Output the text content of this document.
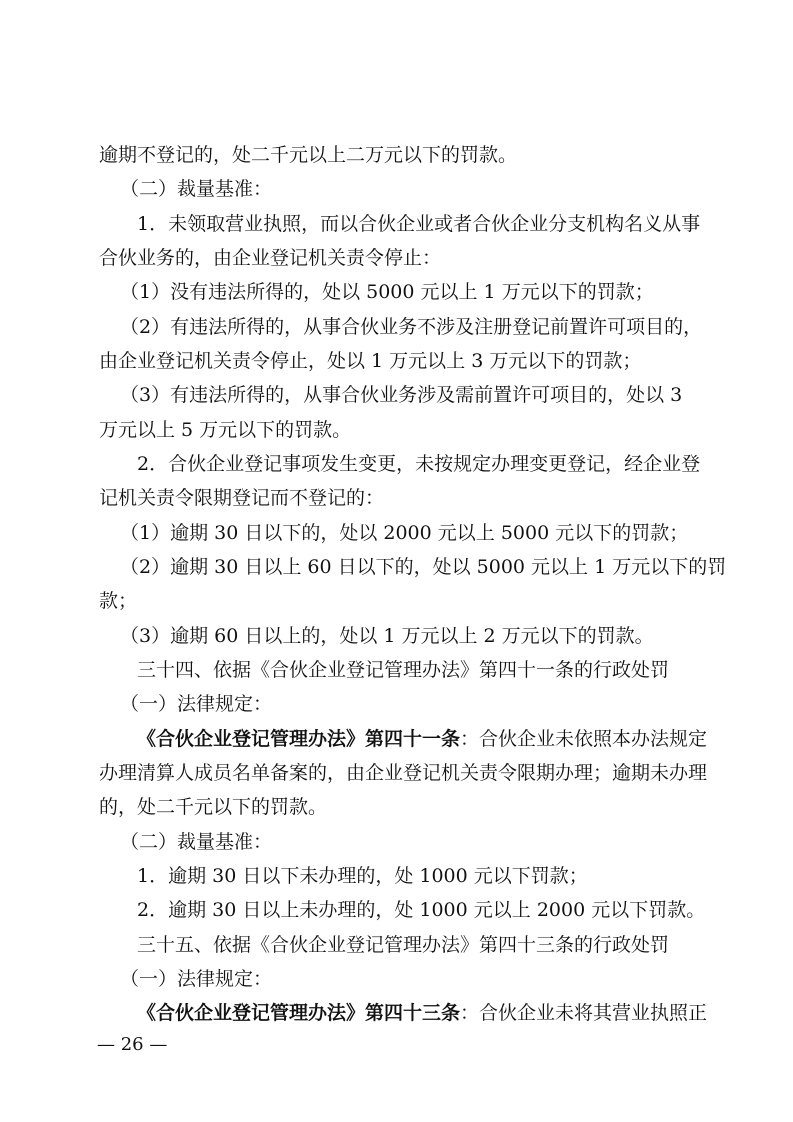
逾期不登记的，处二千元以上二万元以下的罚款。
（二）裁量基准：
1．未领取营业执照，而以合伙企业或者合伙企业分支机构名义从事
合伙业务的，由企业登记机关责令停止：
（1）没有违法所得的，处以 5000 元以上 1 万元以下的罚款；
（2）有违法所得的，从事合伙业务不涉及注册登记前置许可项目的，
由企业登记机关责令停止，处以 1 万元以上 3 万元以下的罚款；
（3）有违法所得的，从事合伙业务涉及需前置许可项目的，处以 3
万元以上 5 万元以下的罚款。
2．合伙企业登记事项发生变更，未按规定办理变更登记，经企业登
记机关责令限期登记而不登记的：
（1）逾期 30 日以下的，处以 2000 元以上 5000 元以下的罚款；
（2）逾期 30 日以上 60 日以下的，处以 5000 元以上 1 万元以下的罚
款；
（3）逾期 60 日以上的，处以 1 万元以上 2 万元以下的罚款。
三十四、依据《合伙企业登记管理办法》第四十一条的行政处罚
（一）法律规定：
《合伙企业登记管理办法》第四十一条：合伙企业未依照本办法规定
办理清算人成员名单备案的，由企业登记机关责令限期办理；逾期未办理
的，处二千元以下的罚款。
（二）裁量基准：
1．逾期 30 日以下未办理的，处 1000 元以下罚款；
2．逾期 30 日以上未办理的，处 1000 元以上 2000 元以下罚款。
三十五、依据《合伙企业登记管理办法》第四十三条的行政处罚
（一）法律规定：
《合伙企业登记管理办法》第四十三条：合伙企业未将其营业执照正
— 26 —
